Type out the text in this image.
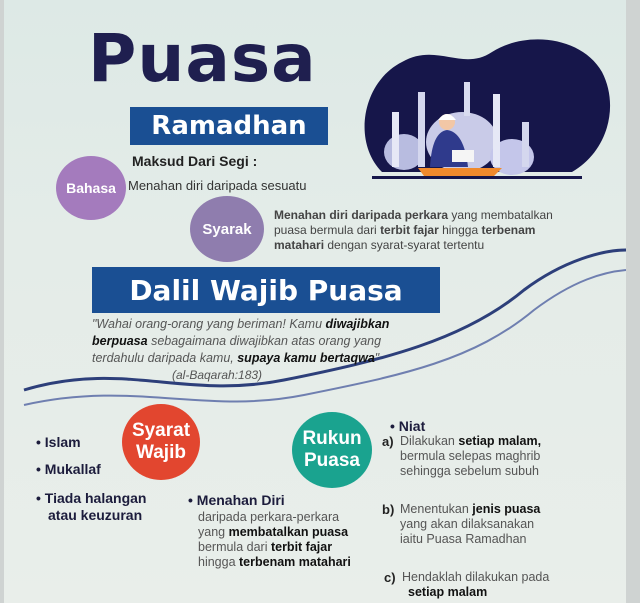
Puasa
Ramadhan
Maksud Dari Segi :
Bahasa Menahan diri daripada sesuatu
Syarak
Menahan diri daripada perkara yang membatalkan
puasa bermula dari terbit fajar hingga terbenam
matahari dengan syarat-syarat tertentu
Dalil Wajib Puasa
"Wahai orang-orang yang beriman! Kamu diwajibkan
berpuasa sebagaimana diwajibkan atas orang yang
terdahulu daripada kamu, supaya kamu bertaqwa"
(al-Baqarah:183)
Syarat
Wajib
• Islam
• Mukallaf
• Tiada halangan
atau keuzuran
Rukun
Puasa
• Menahan Diri
daripada perkara-perkara
yang membatalkan puasa
bermula dari terbit fajar
hingga terbenam matahari
• Niat
a) Dilakukan setiap malam,
bermula selepas maghrib
sehingga sebelum subuh
b) Menentukan jenis puasa
yang akan dilaksanakan
iaitu Puasa Ramadhan
c) Hendaklah dilakukan pada
setiap malam
